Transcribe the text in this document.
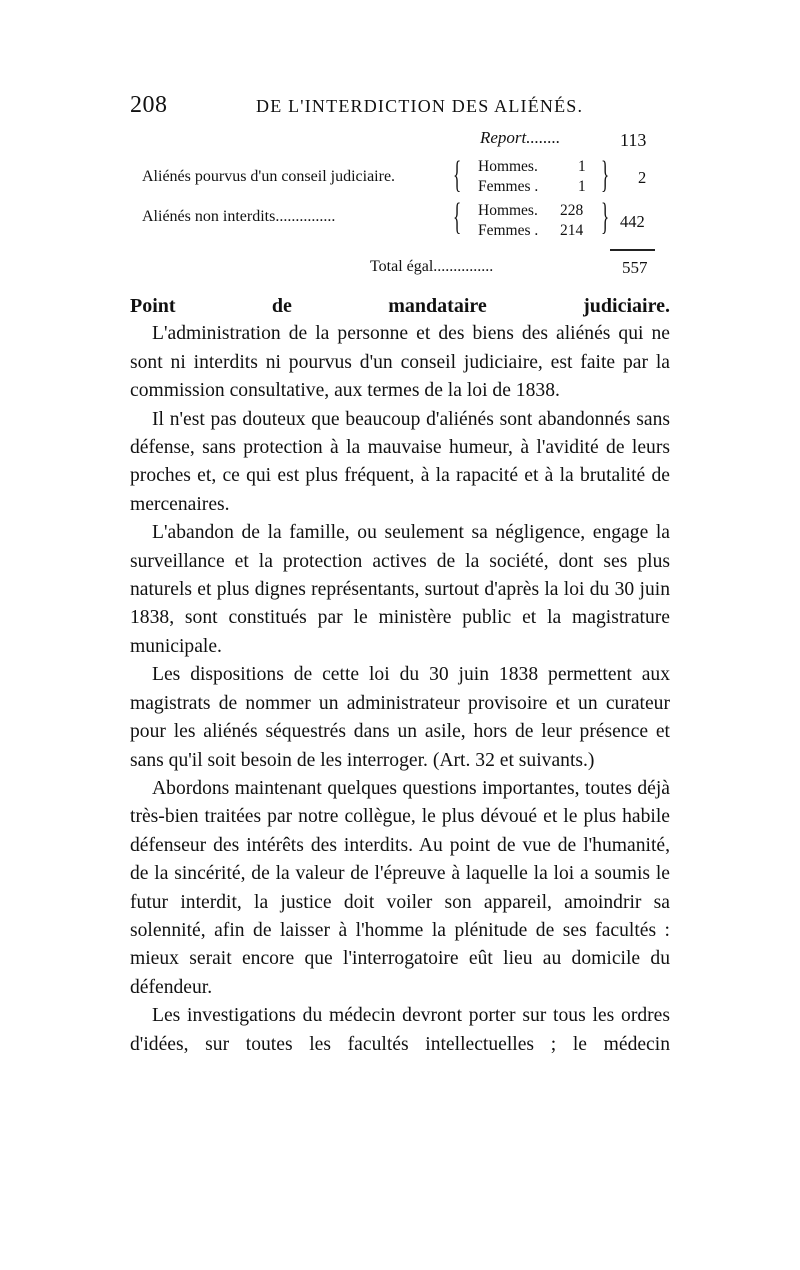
208	DE L'INTERDICTION DES ALIÉNÉS.
Report........	113
Aliénés pourvus d'un conseil judiciaire. { Hommes.	1
Femmes .	1 } 2
Aliénés non interdits...............	{ Hommes. 228
Femmes . 214 } 442
Total égal...............	557

Point de mandataire judiciaire.

L'administration de la personne et des biens des aliénés qui ne sont ni interdits ni pourvus d'un conseil judiciaire, est faite par la commission consultative, aux termes de la loi de 1838.

Il n'est pas douteux que beaucoup d'aliénés sont abandonnés sans défense, sans protection à la mauvaise humeur, à l'avidité de leurs proches et, ce qui est plus fréquent, à la rapacité et à la brutalité de mercenaires.

L'abandon de la famille, ou seulement sa négligence, engage la surveillance et la protection actives de la société, dont ses plus naturels et plus dignes représentants, surtout d'après la loi du 30 juin 1838, sont constitués par le ministère public et la magistrature municipale.

Les dispositions de cette loi du 30 juin 1838 permettent aux magistrats de nommer un administrateur provisoire et un curateur pour les aliénés séquestrés dans un asile, hors de leur présence et sans qu'il soit besoin de les interroger. (Art. 32 et suivants.)

Abordons maintenant quelques questions importantes, toutes déjà très-bien traitées par notre collègue, le plus dévoué et le plus habile défenseur des intérêts des interdits. Au point de vue de l'humanité, de la sincérité, de la valeur de l'épreuve à laquelle la loi a soumis le futur interdit, la justice doit voiler son appareil, amoindrir sa solennité, afin de laisser à l'homme la plénitude de ses facultés : mieux serait encore que l'interrogatoire eût lieu au domicile du défendeur.

Les investigations du médecin devront porter sur tous les ordres d'idées, sur toutes les facultés intellectuelles ; le médecin
